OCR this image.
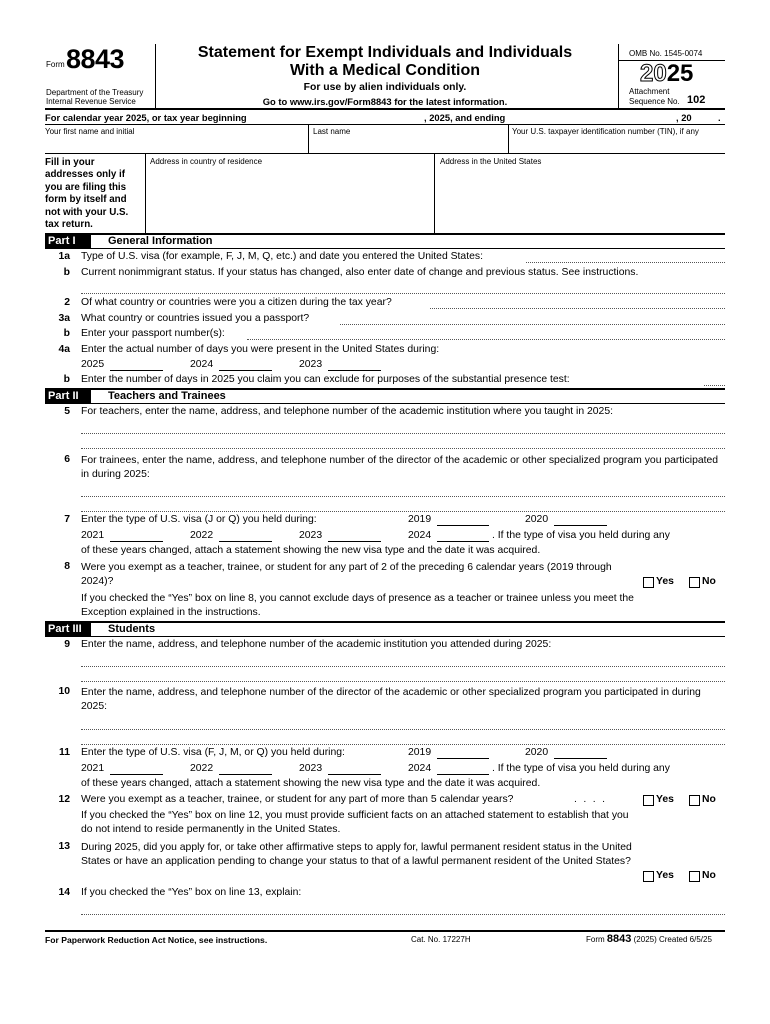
Form 8843
Department of the Treasury
Internal Revenue Service
Statement for Exempt Individuals and Individuals
With a Medical Condition
For use by alien individuals only.
Go to www.irs.gov/Form8843 for the latest information.
OMB No. 1545-0074
2025
Attachment
Sequence No. 102
For calendar year 2025, or tax year beginning	, 2025, and ending	, 20	.
Your first name and initial	Last name	Your U.S. taxpayer identification number (TIN), if any
Fill in your addresses only if you are filing this form by itself and not with your U.S. tax return.
Address in country of residence	Address in the United States
Part I	General Information
1a Type of U.S. visa (for example, F, J, M, Q, etc.) and date you entered the United States:
b Current nonimmigrant status. If your status has changed, also enter date of change and previous status. See instructions.
2 Of what country or countries were you a citizen during the tax year?
3a What country or countries issued you a passport?
b Enter your passport number(s):
4a Enter the actual number of days you were present in the United States during:
2025	2024	2023
b Enter the number of days in 2025 you claim you can exclude for purposes of the substantial presence test:
Part II	Teachers and Trainees
5 For teachers, enter the name, address, and telephone number of the academic institution where you taught in 2025:
6 For trainees, enter the name, address, and telephone number of the director of the academic or other specialized program you participated in during 2025:
7 Enter the type of U.S. visa (J or Q) you held during:	2019	2020
2021	2022	2023	2024	. If the type of visa you held during any
of these years changed, attach a statement showing the new visa type and the date it was acquired.
8 Were you exempt as a teacher, trainee, or student for any part of 2 of the preceding 6 calendar years (2019 through 2024)?	Yes	No
If you checked the “Yes” box on line 8, you cannot exclude days of presence as a teacher or trainee unless you meet the Exception explained in the instructions.
Part III	Students
9 Enter the name, address, and telephone number of the academic institution you attended during 2025:
10 Enter the name, address, and telephone number of the director of the academic or other specialized program you participated in during 2025:
11 Enter the type of U.S. visa (F, J, M, or Q) you held during:	2019	2020
2021	2022	2023	2024	. If the type of visa you held during any
of these years changed, attach a statement showing the new visa type and the date it was acquired.
12 Were you exempt as a teacher, trainee, or student for any part of more than 5 calendar years?	....	Yes	No
If you checked the “Yes” box on line 12, you must provide sufficient facts on an attached statement to establish that you do not intend to reside permanently in the United States.
13 During 2025, did you apply for, or take other affirmative steps to apply for, lawful permanent resident status in the United States or have an application pending to change your status to that of a lawful permanent resident of the United States?
Yes	No
14 If you checked the “Yes” box on line 13, explain:
For Paperwork Reduction Act Notice, see instructions.	Cat. No. 17227H	Form 8843 (2025) Created 6/5/25
